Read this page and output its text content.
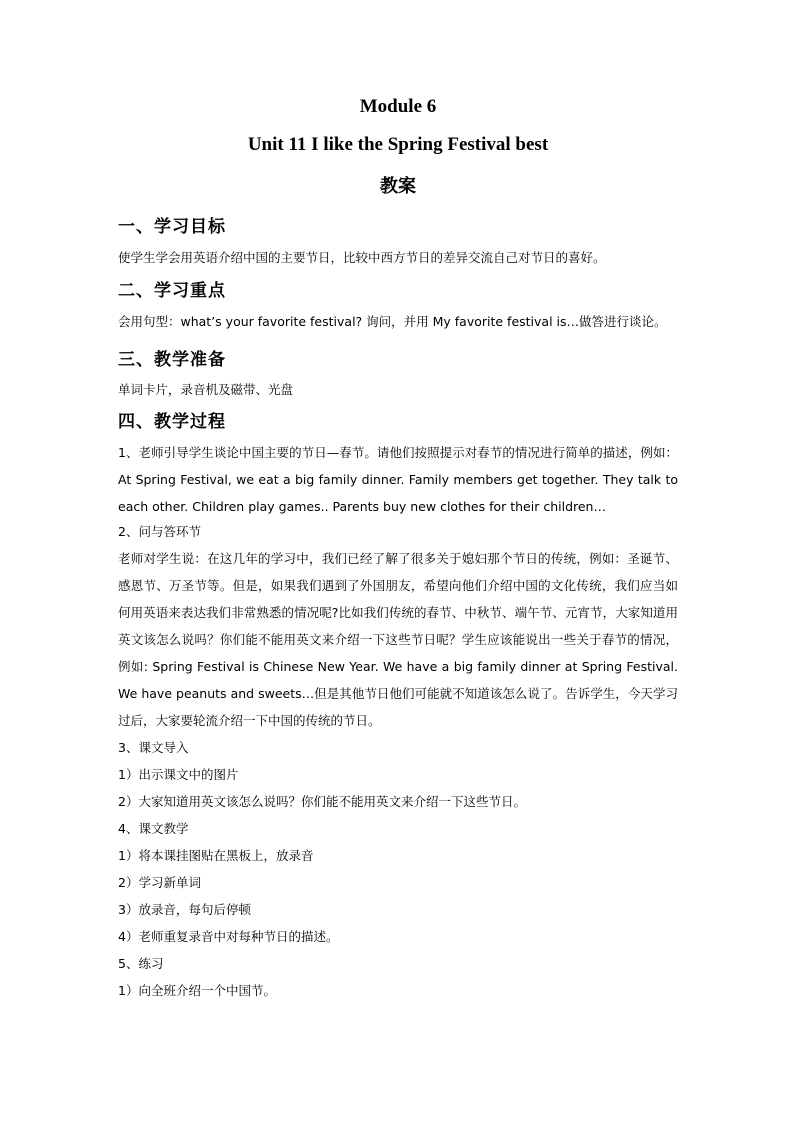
Module 6
Unit 11 I like the Spring Festival best
教案
一、学习目标
使学生学会用英语介绍中国的主要节日，比较中西方节日的差异交流自己对节日的喜好。
二、学习重点
会用句型：what’s your favorite festival? 询问，并用 My favorite festival is…做答进行谈论。
三、教学准备
单词卡片，录音机及磁带、光盘
四、教学过程
1、老师引导学生谈论中国主要的节日—春节。请他们按照提示对春节的情况进行简单的描述，例如：At Spring Festival, we eat a big family dinner. Family members get together. They talk to each other. Children play games.. Parents buy new clothes for their children…
2、问与答环节
老师对学生说：在这几年的学习中，我们已经了解了很多关于媳妇那个节日的传统，例如：圣诞节、感恩节、万圣节等。但是，如果我们遇到了外国朋友，希望向他们介绍中国的文化传统，我们应当如何用英语来表达我们非常熟悉的情况呢?比如我们传统的春节、中秋节、端午节、元宵节，大家知道用英文该怎么说吗？你们能不能用英文来介绍一下这些节日呢？学生应该能说出一些关于春节的情况，例如: Spring Festival is Chinese New Year. We have a big family dinner at Spring Festival. We have peanuts and sweets…但是其他节日他们可能就不知道该怎么说了。告诉学生，今天学习过后，大家要轮流介绍一下中国的传统的节日。
3、课文导入
1）出示课文中的图片
2）大家知道用英文该怎么说吗？你们能不能用英文来介绍一下这些节日。
4、课文教学
1）将本课挂图贴在黑板上，放录音
2）学习新单词
3）放录音，每句后停顿
4）老师重复录音中对每种节日的描述。
5、练习
1）向全班介绍一个中国节。
